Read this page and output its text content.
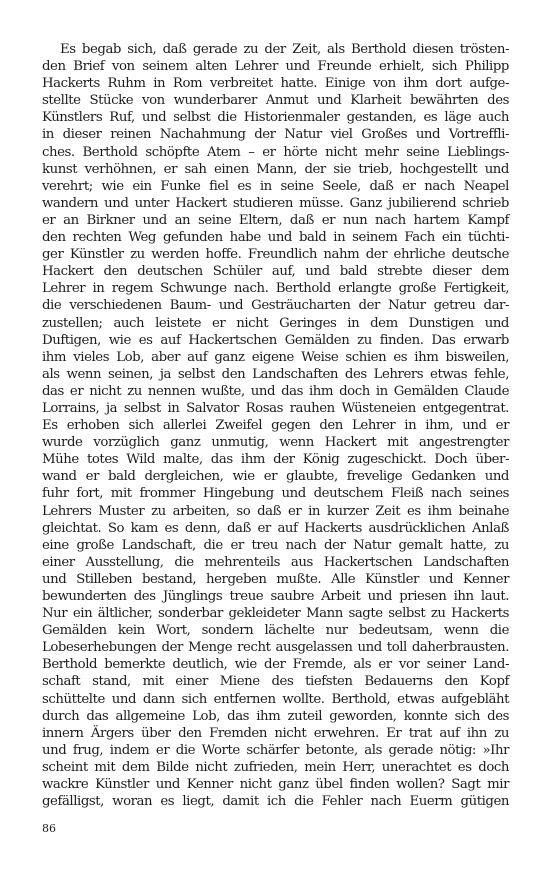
Es begab sich, daß gerade zu der Zeit, als Berthold diesen trösten-
den Brief von seinem alten Lehrer und Freunde erhielt, sich Philipp
Hackerts Ruhm in Rom verbreitet hatte. Einige von ihm dort aufge-
stellte Stücke von wunderbarer Anmut und Klarheit bewährten des
Künstlers Ruf, und selbst die Historienmaler gestanden, es läge auch
in dieser reinen Nachahmung der Natur viel Großes und Vortreffli-
ches. Berthold schöpfte Atem – er hörte nicht mehr seine Lieblings-
kunst verhöhnen, er sah einen Mann, der sie trieb, hochgestellt und
verehrt; wie ein Funke fiel es in seine Seele, daß er nach Neapel
wandern und unter Hackert studieren müsse. Ganz jubilierend schrieb
er an Birkner und an seine Eltern, daß er nun nach hartem Kampf
den rechten Weg gefunden habe und bald in seinem Fach ein tüchti-
ger Künstler zu werden hoffe. Freundlich nahm der ehrliche deutsche
Hackert den deutschen Schüler auf, und bald strebte dieser dem
Lehrer in regem Schwunge nach. Berthold erlangte große Fertigkeit,
die verschiedenen Baum- und Gesträucharten der Natur getreu dar-
zustellen; auch leistete er nicht Geringes in dem Dunstigen und
Duftigen, wie es auf Hackertschen Gemälden zu finden. Das erwarb
ihm vieles Lob, aber auf ganz eigene Weise schien es ihm bisweilen,
als wenn seinen, ja selbst den Landschaften des Lehrers etwas fehle,
das er nicht zu nennen wußte, und das ihm doch in Gemälden Claude
Lorrains, ja selbst in Salvator Rosas rauhen Wüsteneien entgegentrat.
Es erhoben sich allerlei Zweifel gegen den Lehrer in ihm, und er
wurde vorzüglich ganz unmutig, wenn Hackert mit angestrengter
Mühe totes Wild malte, das ihm der König zugeschickt. Doch über-
wand er bald dergleichen, wie er glaubte, frevelige Gedanken und
fuhr fort, mit frommer Hingebung und deutschem Fleiß nach seines
Lehrers Muster zu arbeiten, so daß er in kurzer Zeit es ihm beinahe
gleichtat. So kam es denn, daß er auf Hackerts ausdrücklichen Anlaß
eine große Landschaft, die er treu nach der Natur gemalt hatte, zu
einer Ausstellung, die mehrenteils aus Hackertschen Landschaften
und Stilleben bestand, hergeben mußte. Alle Künstler und Kenner
bewunderten des Jünglings treue saubre Arbeit und priesen ihn laut.
Nur ein ältlicher, sonderbar gekleideter Mann sagte selbst zu Hackerts
Gemälden kein Wort, sondern lächelte nur bedeutsam, wenn die
Lobeserhebungen der Menge recht ausgelassen und toll daherbrausten.
Berthold bemerkte deutlich, wie der Fremde, als er vor seiner Land-
schaft stand, mit einer Miene des tiefsten Bedauerns den Kopf
schüttelte und dann sich entfernen wollte. Berthold, etwas aufgebläht
durch das allgemeine Lob, das ihm zuteil geworden, konnte sich des
innern Ärgers über den Fremden nicht erwehren. Er trat auf ihn zu
und frug, indem er die Worte schärfer betonte, als gerade nötig: »Ihr
scheint mit dem Bilde nicht zufrieden, mein Herr, unerachtet es doch
wackre Künstler und Kenner nicht ganz übel finden wollen? Sagt mir
gefälligst, woran es liegt, damit ich die Fehler nach Euerm gütigen
86
